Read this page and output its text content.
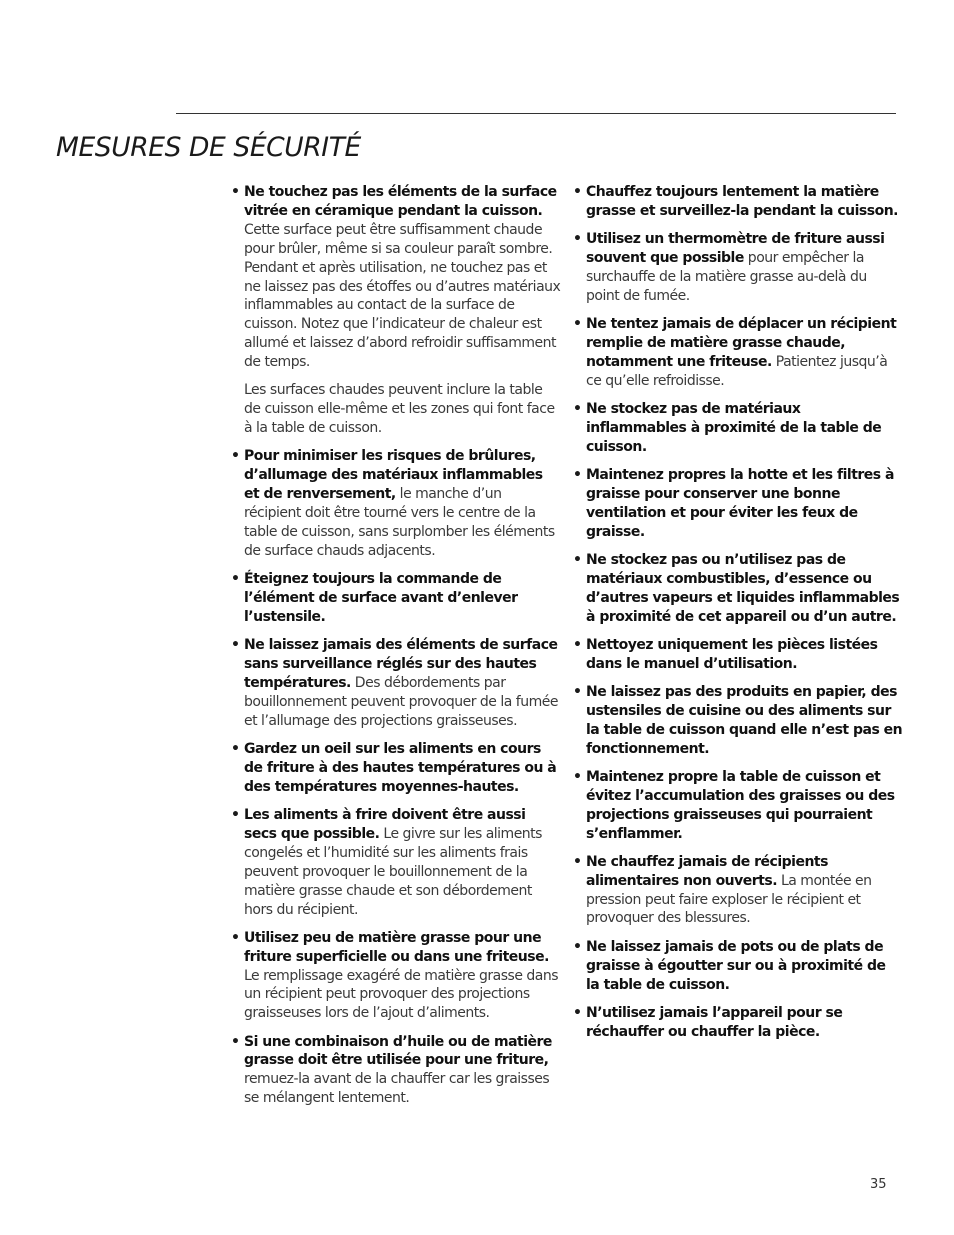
MESURES DE SÉCURITÉ
• Ne touchez pas les éléments de la surface vitrée en céramique pendant la cuisson. Cette surface peut être suffisamment chaude pour brûler, même si sa couleur paraît sombre. Pendant et après utilisation, ne touchez pas et ne laissez pas des étoffes ou d’autres matériaux inflammables au contact de la surface de cuisson. Notez que l’indicateur de chaleur est allumé et laissez d’abord refroidir suffisamment de temps.
Les surfaces chaudes peuvent inclure la table de cuisson elle-même et les zones qui font face à la table de cuisson.
• Pour minimiser les risques de brûlures, d’allumage des matériaux inflammables et de renversement, le manche d’un récipient doit être tourné vers le centre de la table de cuisson, sans surplomber les éléments de surface chauds adjacents.
• Éteignez toujours la commande de l’élément de surface avant d’enlever l’ustensile.
• Ne laissez jamais des éléments de surface sans surveillance réglés sur des hautes températures. Des débordements par bouillonnement peuvent provoquer de la fumée et l’allumage des projections graisseuses.
• Gardez un oeil sur les aliments en cours de friture à des hautes températures ou à des températures moyennes-hautes.
• Les aliments à frire doivent être aussi secs que possible. Le givre sur les aliments congelés et l’humidité sur les aliments frais peuvent provoquer le bouillonnement de la matière grasse chaude et son débordement hors du récipient.
• Utilisez peu de matière grasse pour une friture superficielle ou dans une friteuse. Le remplissage exagéré de matière grasse dans un récipient peut provoquer des projections graisseuses lors de l’ajout d’aliments.
• Si une combinaison d’huile ou de matière grasse doit être utilisée pour une friture, remuez-la avant de la chauffer car les graisses se mélangent lentement.
• Chauffez toujours lentement la matière grasse et surveillez-la pendant la cuisson.
• Utilisez un thermomètre de friture aussi souvent que possible pour empêcher la surchauffe de la matière grasse au-delà du point de fumée.
• Ne tentez jamais de déplacer un récipient remplie de matière grasse chaude, notamment une friteuse. Patientez jusqu’à ce qu’elle refroidisse.
• Ne stockez pas de matériaux inflammables à proximité de la table de cuisson.
• Maintenez propres la hotte et les filtres à graisse pour conserver une bonne ventilation et pour éviter les feux de graisse.
• Ne stockez pas ou n’utilisez pas de matériaux combustibles, d’essence ou d’autres vapeurs et liquides inflammables à proximité de cet appareil ou d’un autre.
• Nettoyez uniquement les pièces listées dans le manuel d’utilisation.
• Ne laissez pas des produits en papier, des ustensiles de cuisine ou des aliments sur la table de cuisson quand elle n’est pas en fonctionnement.
• Maintenez propre la table de cuisson et évitez l’accumulation des graisses ou des projections graisseuses qui pourraient s’enflammer.
• Ne chauffez jamais de récipients alimentaires non ouverts. La montée en pression peut faire exploser le récipient et provoquer des blessures.
• Ne laissez jamais de pots ou de plats de graisse à égoutter sur ou à proximité de la table de cuisson.
• N’utilisez jamais l’appareil pour se réchauffer ou chauffer la pièce.
35
